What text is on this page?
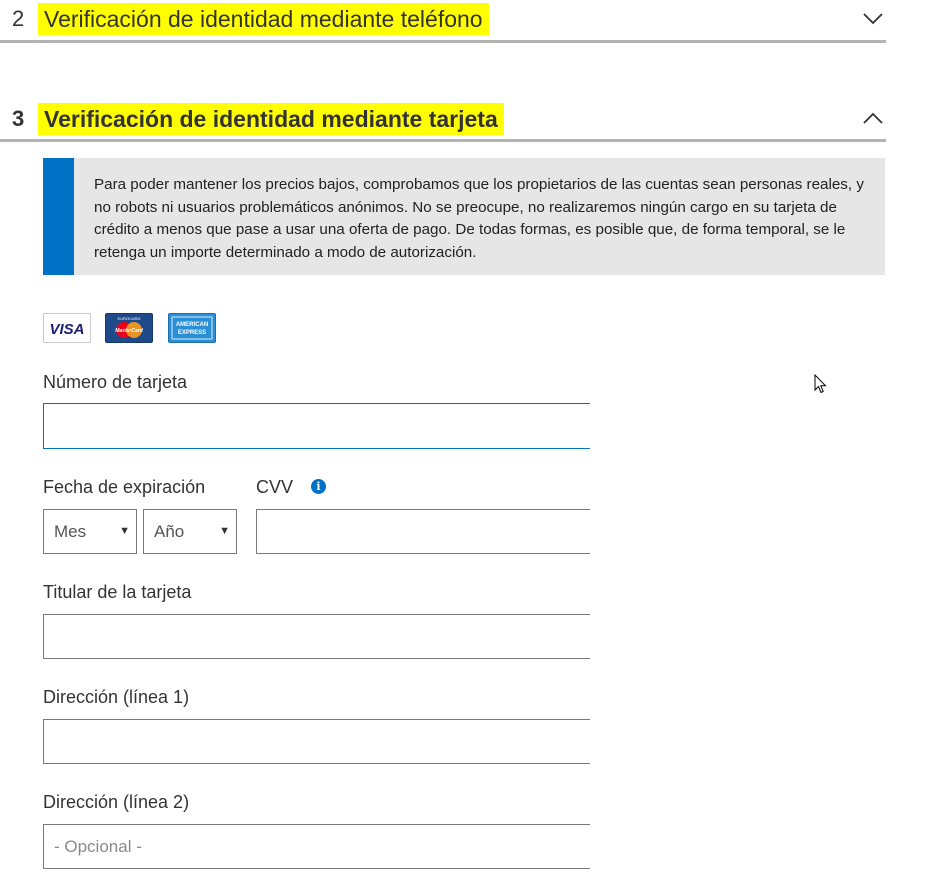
2 Verificación de identidad mediante teléfono
3 Verificación de identidad mediante tarjeta
Para poder mantener los precios bajos, comprobamos que los propietarios de las cuentas sean personas reales, y no robots ni usuarios problemáticos anónimos. No se preocupe, no realizaremos ningún cargo en su tarjeta de crédito a menos que pase a usar una oferta de pago. De todas formas, es posible que, de forma temporal, se le retenga un importe determinado a modo de autorización.
VISA
EUROCARD
MasterCard
AMERICAN
EXPRESS
Número de tarjeta
Fecha de expiración
Mes	▼ Año	▼
CVV	i
Titular de la tarjeta
Dirección (línea 1)
Dirección (línea 2)
- Opcional -
